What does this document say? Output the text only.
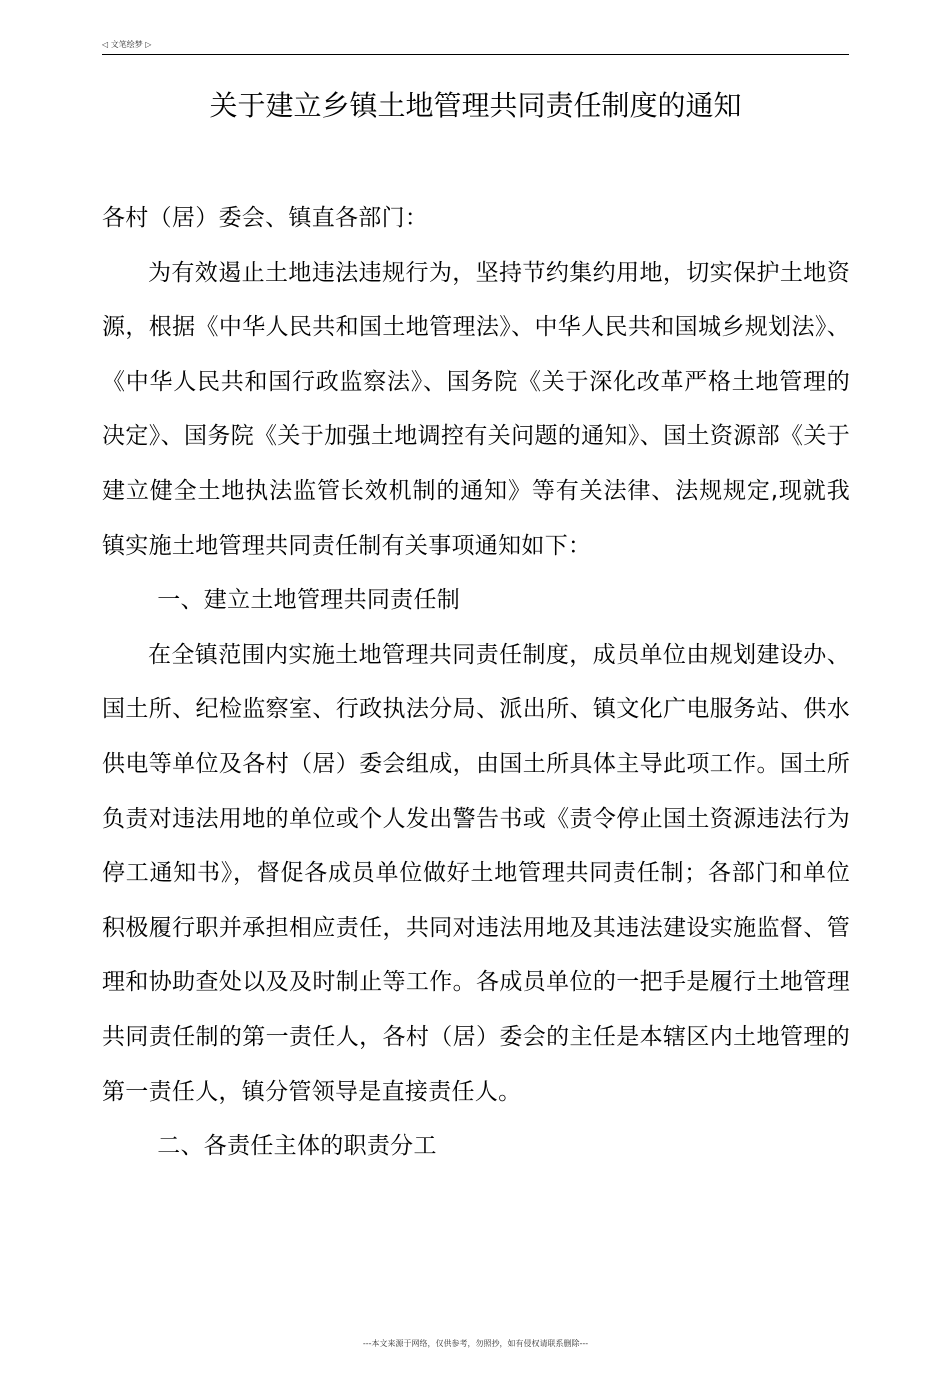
◁ 文笔绘梦 ▷
关于建立乡镇土地管理共同责任制度的通知

各村（居）委会、镇直各部门：

为有效遏止土地违法违规行为，坚持节约集约用地，切实保护土地资源，根据《中华人民共和国土地管理法》、中华人民共和国城乡规划法》、《中华人民共和国行政监察法》、国务院《关于深化改革严格土地管理的决定》、国务院《关于加强土地调控有关问题的通知》、国土资源部《关于建立健全土地执法监管长效机制的通知》等有关法律、法规规定,现就我镇实施土地管理共同责任制有关事项通知如下：

一、建立土地管理共同责任制

在全镇范围内实施土地管理共同责任制度，成员单位由规划建设办、国土所、纪检监察室、行政执法分局、派出所、镇文化广电服务站、供水供电等单位及各村（居）委会组成，由国土所具体主导此项工作。国土所负责对违法用地的单位或个人发出警告书或《责令停止国土资源违法行为停工通知书》，督促各成员单位做好土地管理共同责任制；各部门和单位积极履行职并承担相应责任，共同对违法用地及其违法建设实施监督、管理和协助查处以及及时制止等工作。各成员单位的一把手是履行土地管理共同责任制的第一责任人，各村（居）委会的主任是本辖区内土地管理的第一责任人，镇分管领导是直接责任人。

二、各责任主体的职责分工

---本文来源于网络，仅供参考，勿照抄，如有侵权请联系删除---
